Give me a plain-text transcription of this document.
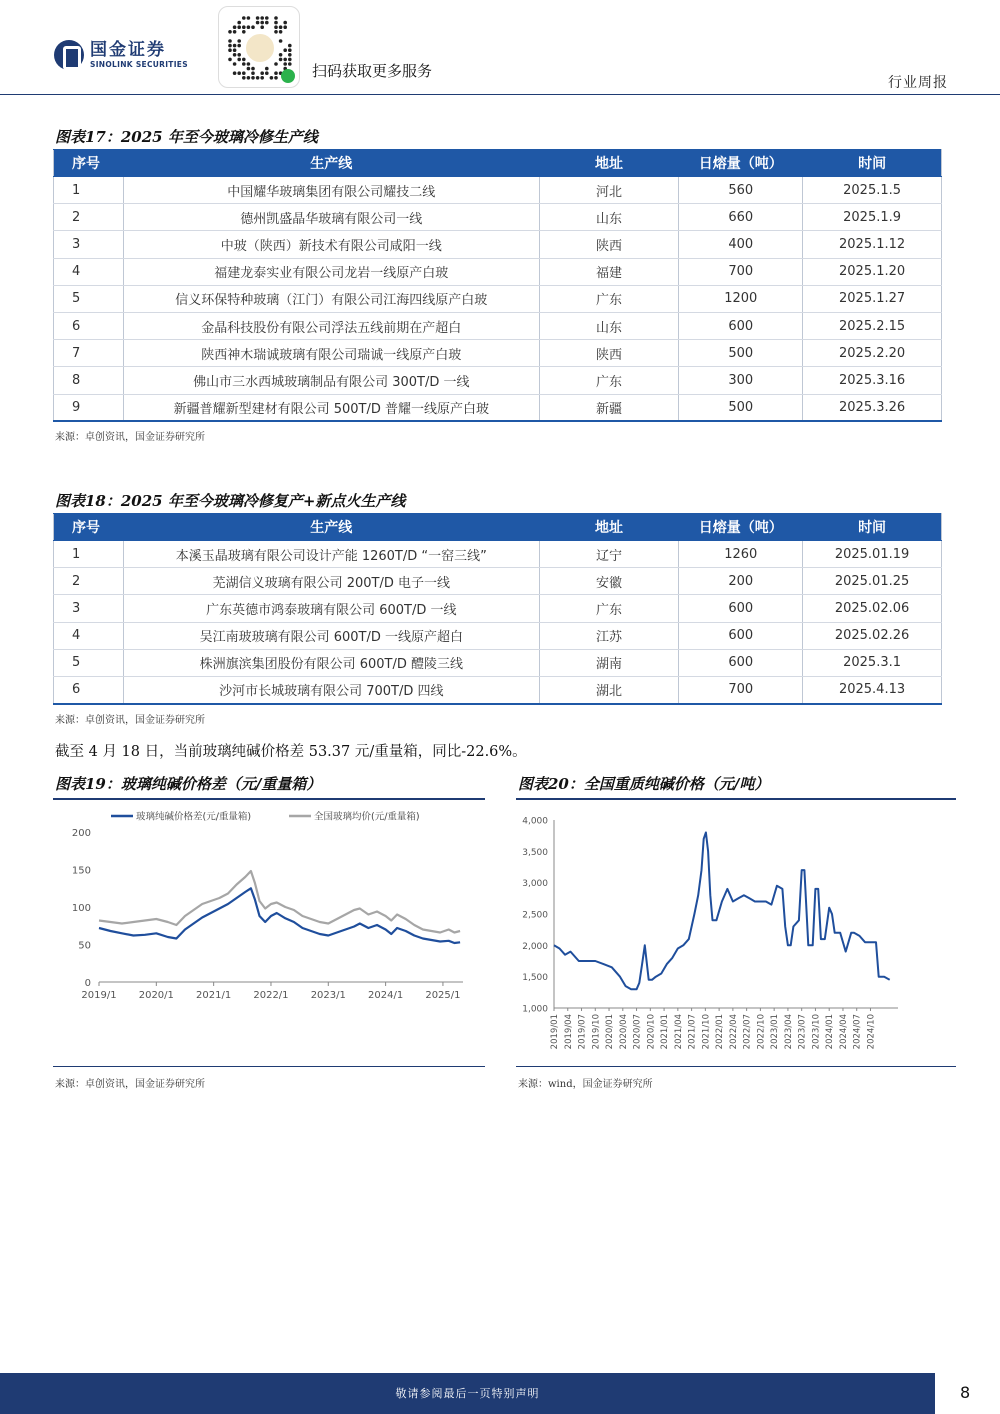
国金证券
SINOLINK SECURITIES	扫码获取更多服务
行业周报
图表17：2025 年至今玻璃冷修生产线
序号	生产线	地址	日熔量（吨）	时间
1	中国耀华玻璃集团有限公司耀技二线	河北	560	2025.1.5
2	德州凯盛晶华玻璃有限公司一线	山东	660	2025.1.9
3	中玻（陕西）新技术有限公司咸阳一线	陕西	400	2025.1.12
4	福建龙泰实业有限公司龙岩一线原产白玻	福建	700	2025.1.20
5	信义环保特种玻璃（江门）有限公司江海四线原产白玻	广东	1200	2025.1.27
6	金晶科技股份有限公司浮法五线前期在产超白	山东	600	2025.2.15
7	陕西神木瑞诚玻璃有限公司瑞诚一线原产白玻	陕西	500	2025.2.20
8	佛山市三水西城玻璃制品有限公司 300T/D 一线	广东	300	2025.3.16
9	新疆普耀新型建材有限公司 500T/D 普耀一线原产白玻	新疆	500	2025.3.26
来源：卓创资讯，国金证券研究所
图表18：2025 年至今玻璃冷修复产+新点火生产线
序号	生产线	地址	日熔量（吨）	时间
1	本溪玉晶玻璃有限公司设计产能 1260T/D “一窑三线”	辽宁	1260	2025.01.19
2	芜湖信义玻璃有限公司 200T/D 电子一线	安徽	200	2025.01.25
3	广东英德市鸿泰玻璃有限公司 600T/D 一线	广东	600	2025.02.06
4	吴江南玻玻璃有限公司 600T/D 一线原产超白	江苏	600	2025.02.26
5	株洲旗滨集团股份有限公司 600T/D 醴陵三线	湖南	600	2025.3.1
6	沙河市长城玻璃有限公司 700T/D 四线	湖北	700	2025.4.13
来源：卓创资讯，国金证券研究所
截至 4 月 18 日，当前玻璃纯碱价格差 53.37 元/重量箱，同比-22.6%。
图表19：玻璃纯碱价格差（元/重量箱）
0
50
100
150
200
2019/1 2020/1 2021/1 2022/1 2023/1 2024/1 2025/1
玻璃纯碱价格差(元/重量箱)	全国玻璃均价(元/重量箱)
来源：卓创资讯，国金证券研究所
图表20：全国重质纯碱价格（元/吨）
1,000
1,500
2,000
2,500
3,000
3,500
4,000
2019/01 2019/04 2019/07 2019/10 2020/01 2020/04 2020/07 2020/10 2021/01 2021/04 2021/07 2021/10 2022/01 2022/04 2022/07 2022/10 2023/01 2023/04 2023/07 2023/10 2024/01 2024/04 2024/07 2024/10
来源：wind，国金证券研究所
敬请参阅最后一页特别声明	8
